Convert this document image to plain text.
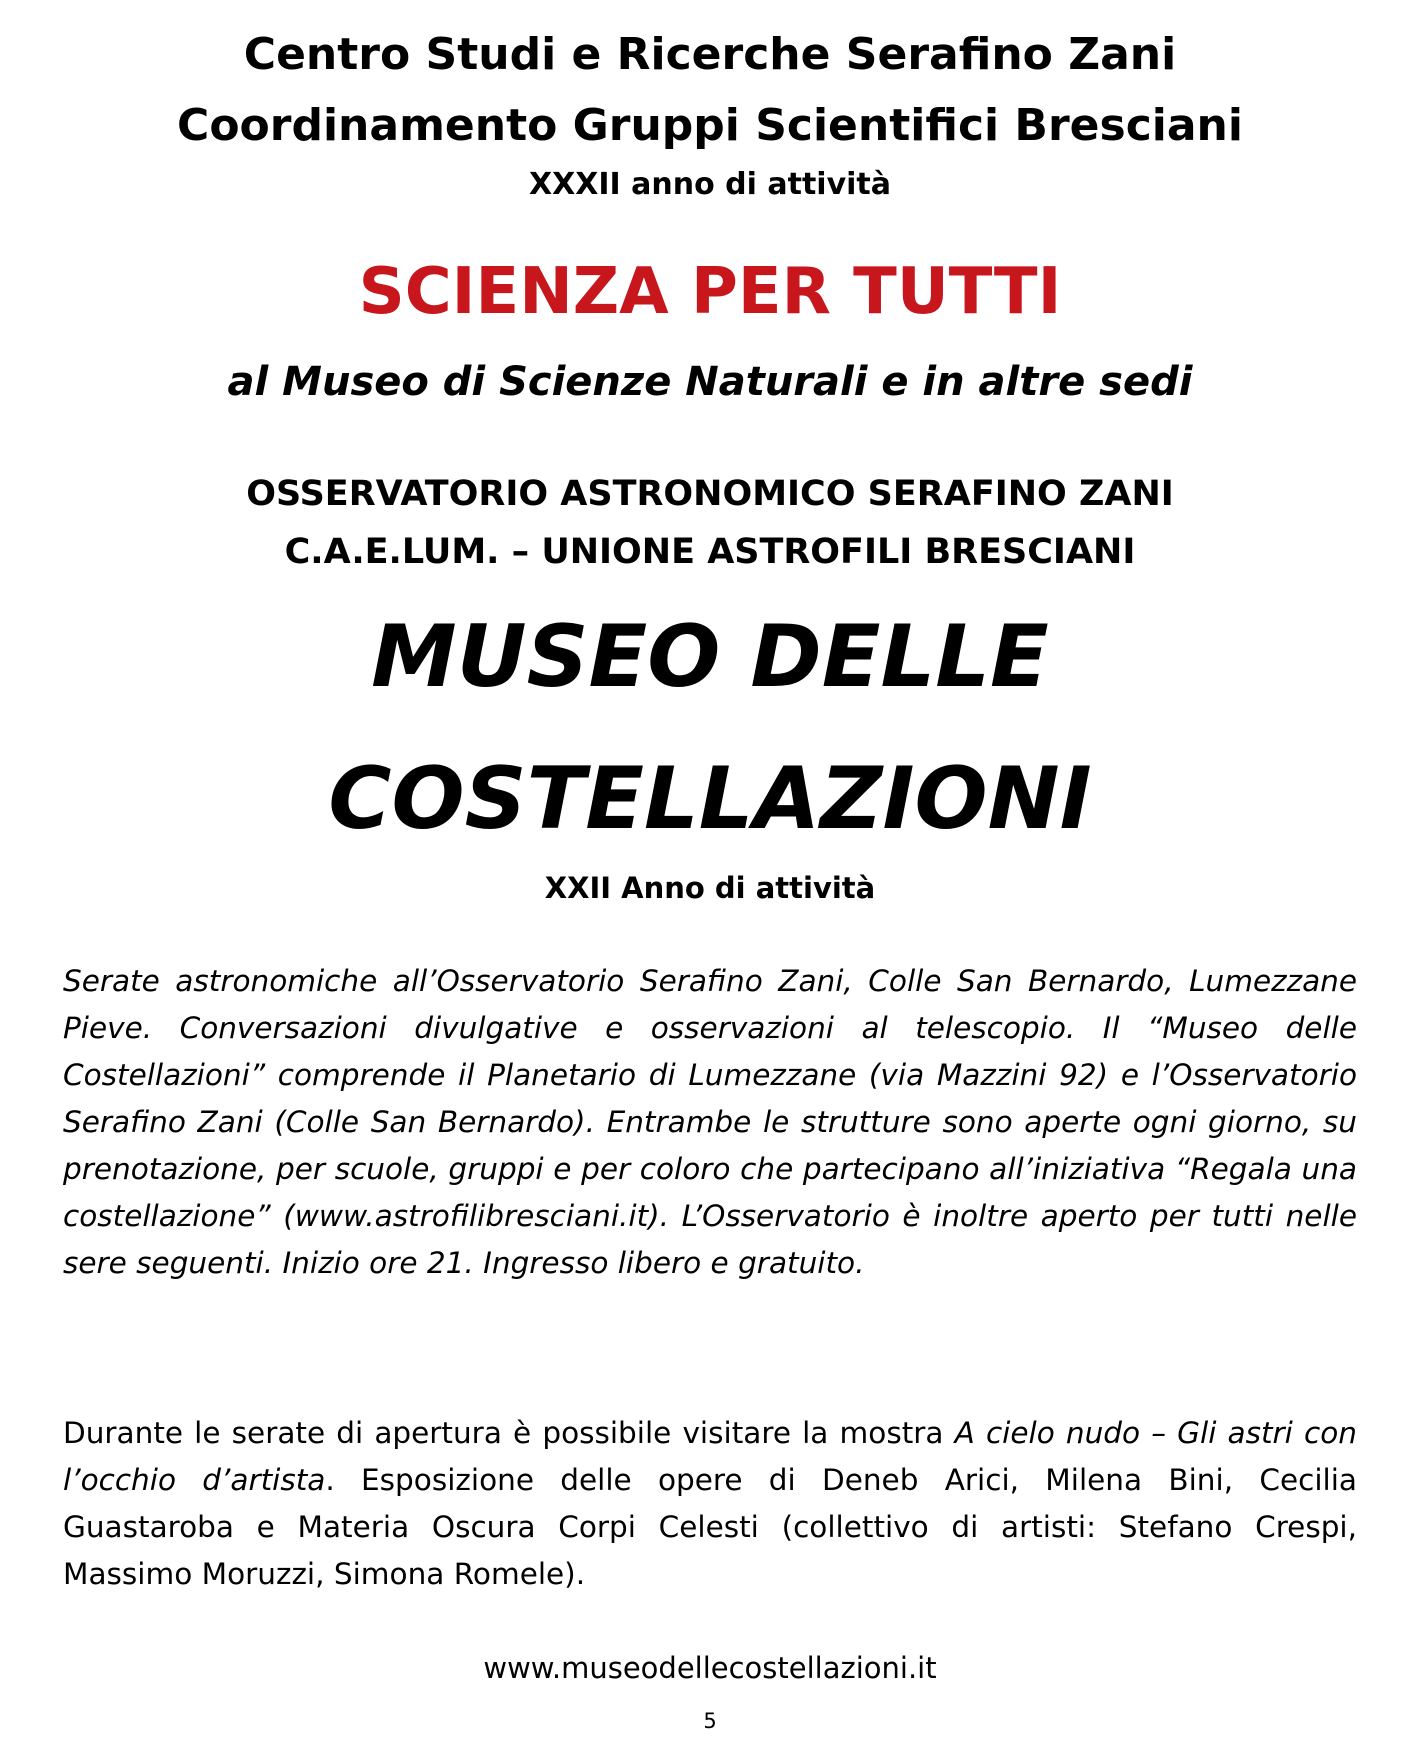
Centro Studi e Ricerche Serafino Zani
Coordinamento Gruppi Scientifici Bresciani
XXXII anno di attività
SCIENZA PER TUTTI
al Museo di Scienze Naturali e in altre sedi
OSSERVATORIO ASTRONOMICO SERAFINO ZANI
C.A.E.LUM. – UNIONE ASTROFILI BRESCIANI
MUSEO DELLE
COSTELLAZIONI
XXII Anno di attività

Serate astronomiche all’Osservatorio Serafino Zani, Colle San Bernardo, Lumezzane Pieve. Conversazioni divulgative e osservazioni al telescopio. Il “Museo delle Costellazioni” comprende il Planetario di Lumezzane (via Mazzini 92) e l’Osservatorio Serafino Zani (Colle San Bernardo). Entrambe le strutture sono aperte ogni giorno, su prenotazione, per scuole, gruppi e per coloro che partecipano all’iniziativa “Regala una costellazione” (www.astrofilibresciani.it). L’Osservatorio è inoltre aperto per tutti nelle sere seguenti. Inizio ore 21. Ingresso libero e gratuito.

Durante le serate di apertura è possibile visitare la mostra A cielo nudo – Gli astri con l’occhio d’artista. Esposizione delle opere di Deneb Arici, Milena Bini, Cecilia Guastaroba e Materia Oscura Corpi Celesti (collettivo di artisti: Stefano Crespi, Massimo Moruzzi, Simona Romele).

www.museodellecostellazioni.it
5
